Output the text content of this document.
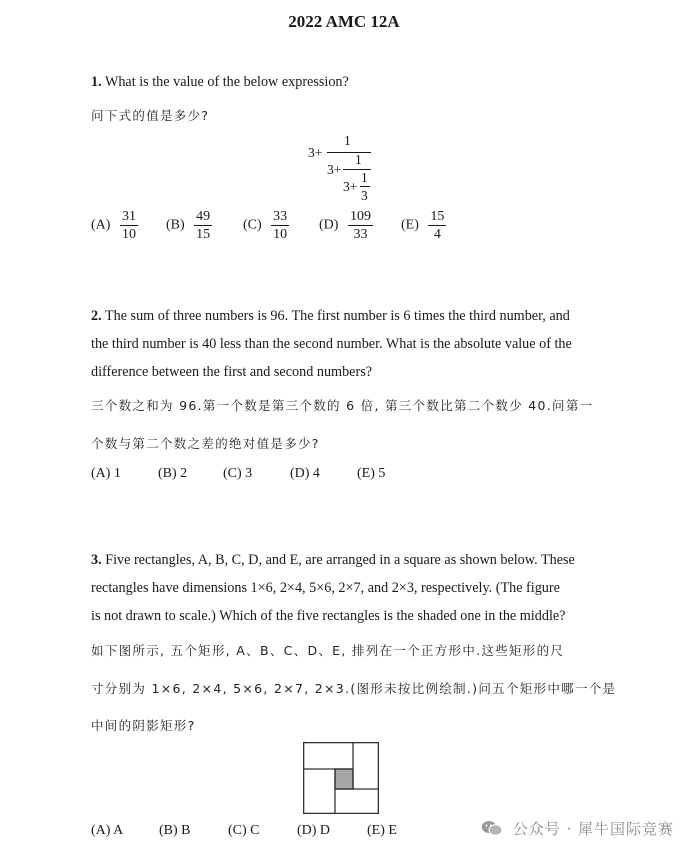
2022 AMC 12A
1. What is the value of the below expression?
问下式的值是多少?
3+
1
3+
1
3+
1
3
$(A) \frac{31}{10} (B) \frac{49}{15} (C) \frac{33}{10} (D) \frac{109}{33} (E) \frac{15}{4}$
2. The sum of three numbers is 96. The first number is 6 times the third number, and
the third number is 40 less than the second number. What is the absolute value of the
difference between the first and second numbers?
三个数之和为 96.第一个数是第三个数的 6 倍, 第三个数比第二个数少 40.问第一
个数与第二个数之差的绝对值是多少?
(A) 1	(B) 2	(C) 3	(D) 4	(E) 5
3. Five rectangles, A, B, C, D, and E, are arranged in a square as shown below. These
rectangles have dimensions 1×6, 2×4, 5×6, 2×7, and 2×3, respectively. (The figure
is not drawn to scale.) Which of the five rectangles is the shaded one in the middle?
如下图所示, 五个矩形, A、B、C、D、E, 排列在一个正方形中.这些矩形的尺
寸分别为 1×6, 2×4, 5×6, 2×7, 2×3.(图形未按比例绘制.)问五个矩形中哪一个是
中间的阴影矩形?
(A) A	(B) B	(C) C	(D) D	(E) E	公众号 · 犀牛国际竞赛
